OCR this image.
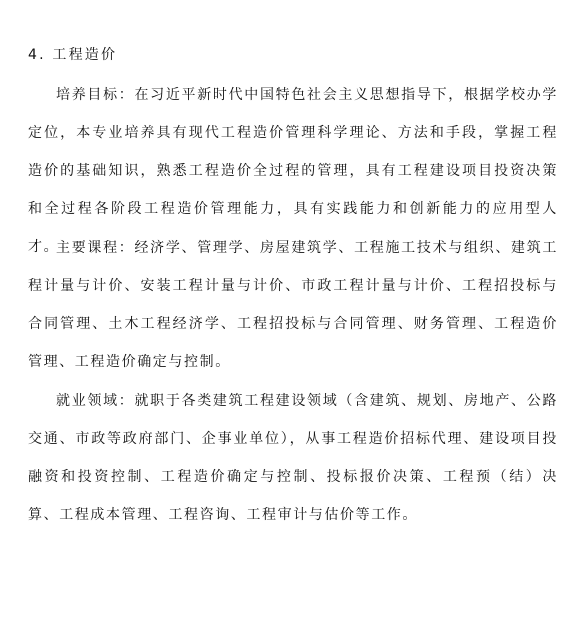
4. 工程造价

培养目标：在习近平新时代中国特色社会主义思想指导下，根据学校办学定位，本专业培养具有现代工程造价管理科学理论、方法和手段，掌握工程造价的基础知识，熟悉工程造价全过程的管理，具有工程建设项目投资决策和全过程各阶段工程造价管理能力，具有实践能力和创新能力的应用型人才。

主要课程：经济学、管理学、房屋建筑学、工程施工技术与组织、建筑工程计量与计价、安装工程计量与计价、市政工程计量与计价、工程招投标与合同管理、土木工程经济学、工程招投标与合同管理、财务管理、工程造价管理、工程造价确定与控制。

就业领域：就职于各类建筑工程建设领域（含建筑、规划、房地产、公路交通、市政等政府部门、企事业单位），从事工程造价招标代理、建设项目投融资和投资控制、工程造价确定与控制、投标报价决策、工程预（结）决算、工程成本管理、工程咨询、工程审计与估价等工作。
